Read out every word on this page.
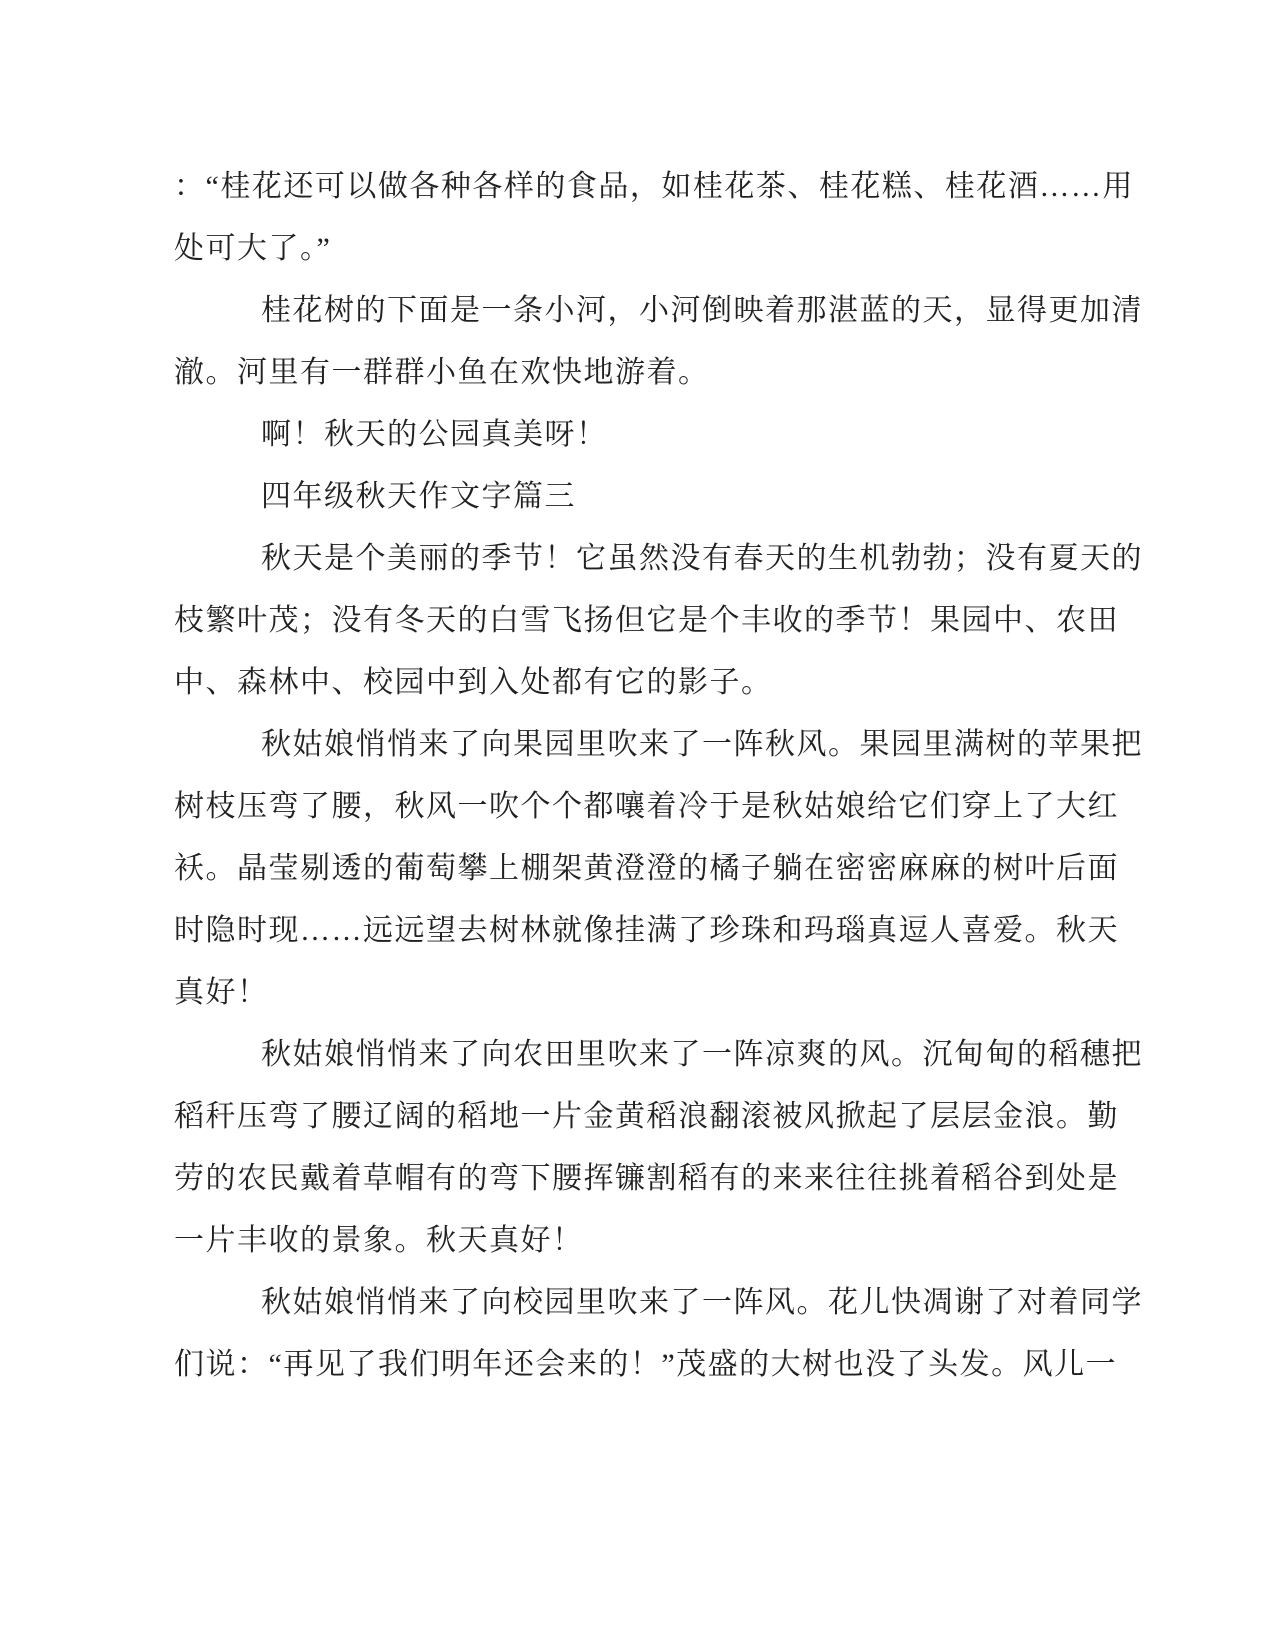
：“桂花还可以做各种各样的食品，如桂花茶、桂花糕、桂花酒……用

处可大了。”

桂花树的下面是一条小河，小河倒映着那湛蓝的天，显得更加清

澈。河里有一群群小鱼在欢快地游着。

啊！秋天的公园真美呀！

四年级秋天作文字篇三

秋天是个美丽的季节！它虽然没有春天的生机勃勃；没有夏天的

枝繁叶茂；没有冬天的白雪飞扬但它是个丰收的季节！果园中、农田

中、森林中、校园中到入处都有它的影子。

秋姑娘悄悄来了向果园里吹来了一阵秋风。果园里满树的苹果把

树枝压弯了腰，秋风一吹个个都嚷着冷于是秋姑娘给它们穿上了大红

袄。晶莹剔透的葡萄攀上棚架黄澄澄的橘子躺在密密麻麻的树叶后面

时隐时现……远远望去树林就像挂满了珍珠和玛瑙真逗人喜爱。秋天

真好！

秋姑娘悄悄来了向农田里吹来了一阵凉爽的风。沉甸甸的稻穗把

稻秆压弯了腰辽阔的稻地一片金黄稻浪翻滚被风掀起了层层金浪。勤

劳的农民戴着草帽有的弯下腰挥镰割稻有的来来往往挑着稻谷到处是

一片丰收的景象。秋天真好！

秋姑娘悄悄来了向校园里吹来了一阵风。花儿快凋谢了对着同学

们说：“再见了我们明年还会来的！”茂盛的大树也没了头发。风儿一
